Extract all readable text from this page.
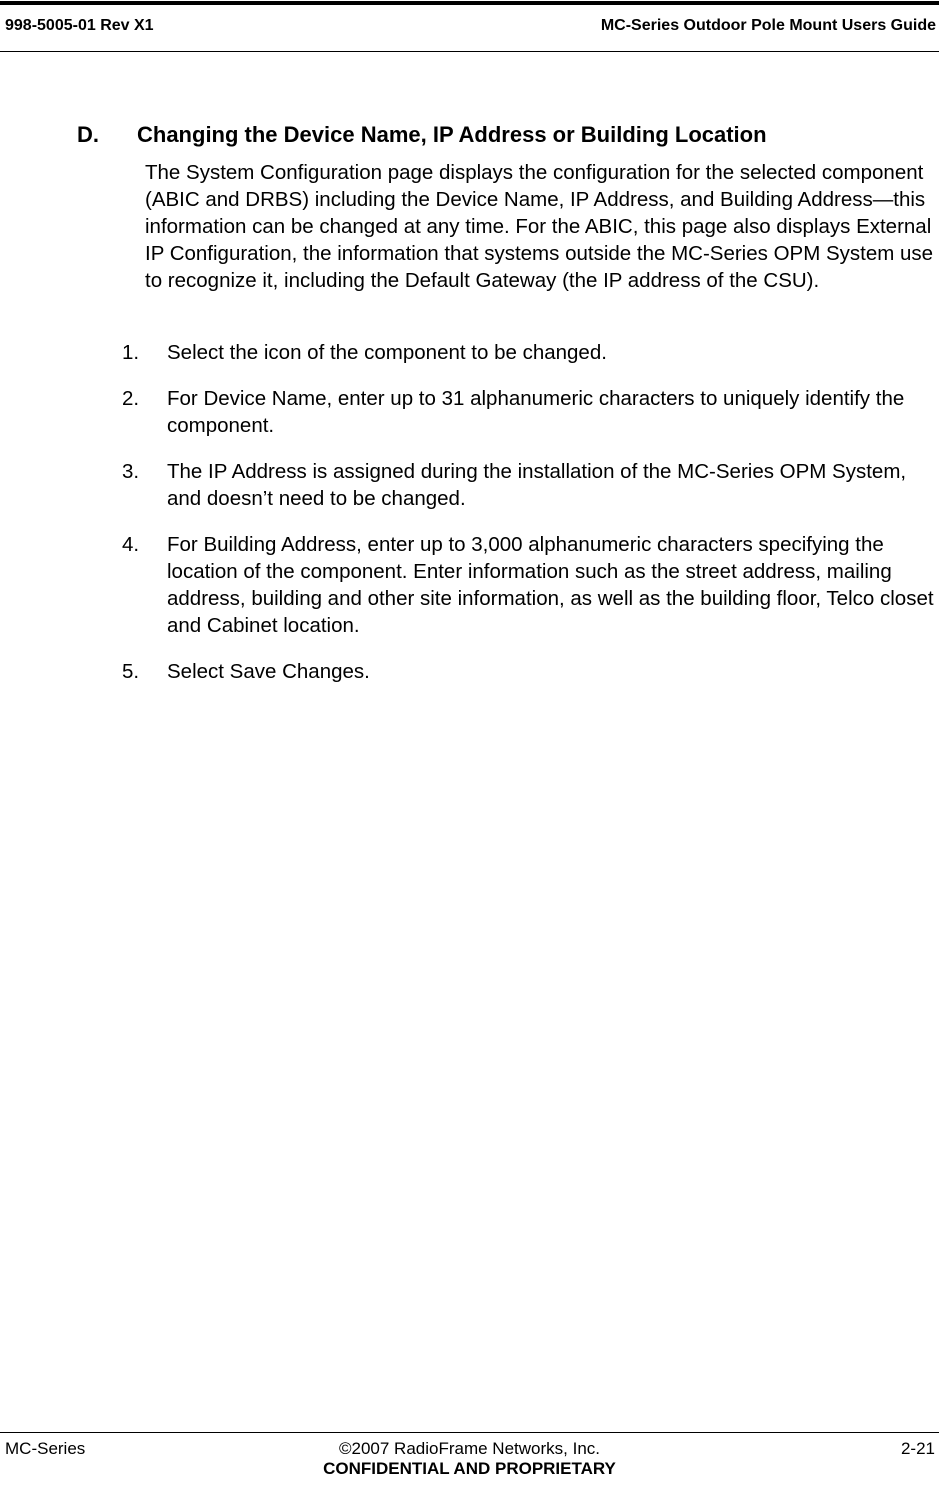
998-5005-01 Rev X1	MC-Series Outdoor Pole Mount Users Guide
D. Changing the Device Name, IP Address or Building Location

The System Configuration page displays the configuration for the selected component (ABIC and DRBS) including the Device Name, IP Address, and Building Address—this information can be changed at any time. For the ABIC, this page also displays External IP Configuration, the information that systems outside the MC-Series OPM System use to recognize it, including the Default Gateway (the IP address of the CSU).

1. Select the icon of the component to be changed.
2. For Device Name, enter up to 31 alphanumeric characters to uniquely identify the component.
3. The IP Address is assigned during the installation of the MC-Series OPM System, and doesn’t need to be changed.
4. For Building Address, enter up to 3,000 alphanumeric characters specifying the location of the component. Enter information such as the street address, mailing address, building and other site information, as well as the building floor, Telco closet and Cabinet location.
5. Select Save Changes.
MC-Series	©2007 RadioFrame Networks, Inc.	2-21
CONFIDENTIAL AND PROPRIETARY
